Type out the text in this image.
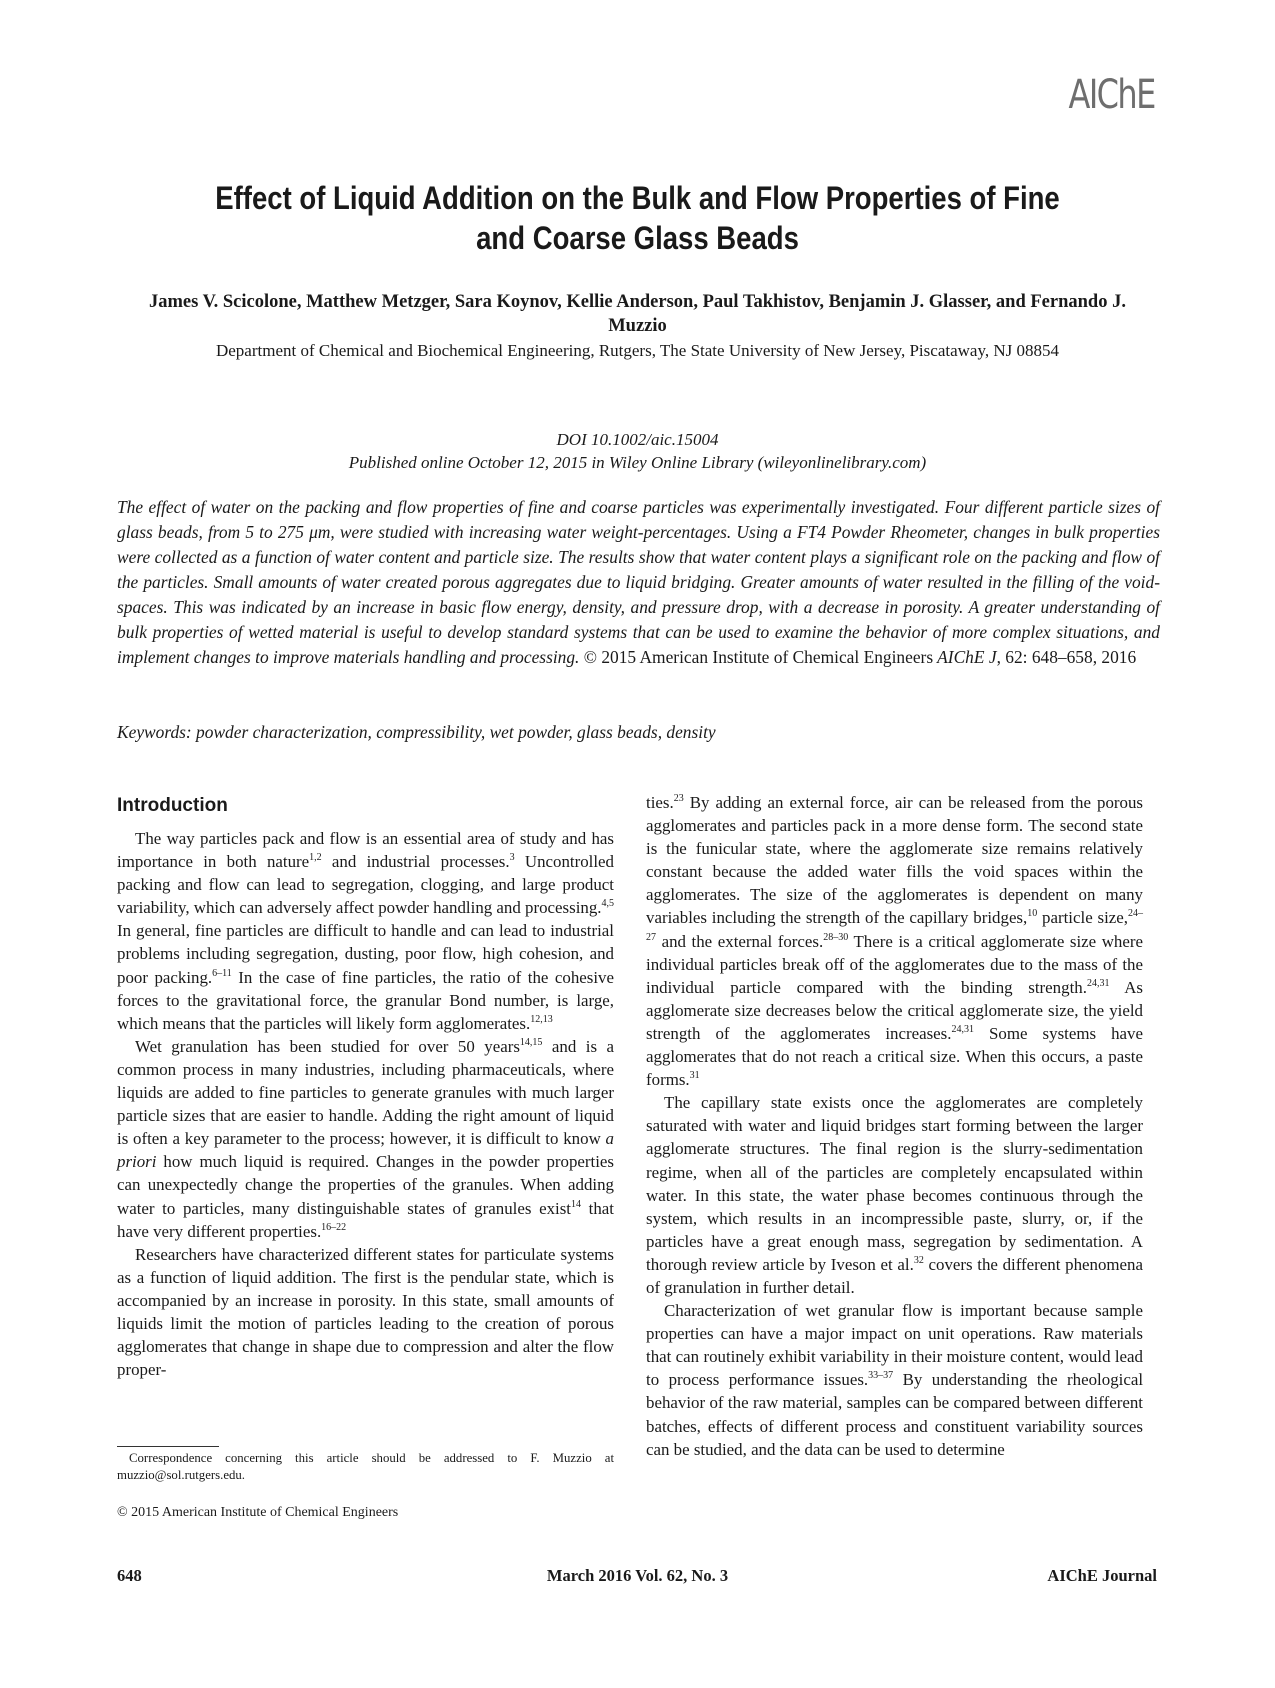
AIChE
Effect of Liquid Addition on the Bulk and Flow Properties of Fine and Coarse Glass Beads
James V. Scicolone, Matthew Metzger, Sara Koynov, Kellie Anderson, Paul Takhistov, Benjamin J. Glasser, and Fernando J. Muzzio
Department of Chemical and Biochemical Engineering, Rutgers, The State University of New Jersey, Piscataway, NJ 08854
DOI 10.1002/aic.15004
Published online October 12, 2015 in Wiley Online Library (wileyonlinelibrary.com)

The effect of water on the packing and flow properties of fine and coarse particles was experimentally investigated. Four different particle sizes of glass beads, from 5 to 275 μm, were studied with increasing water weight-percentages. Using a FT4 Powder Rheometer, changes in bulk properties were collected as a function of water content and particle size. The results show that water content plays a significant role on the packing and flow of the particles. Small amounts of water created porous aggregates due to liquid bridging. Greater amounts of water resulted in the filling of the void-spaces. This was indicated by an increase in basic flow energy, density, and pressure drop, with a decrease in porosity. A greater understanding of bulk properties of wetted material is useful to develop standard systems that can be used to examine the behavior of more complex situations, and implement changes to improve materials handling and processing. © 2015 American Institute of Chemical Engineers AIChE J, 62: 648–658, 2016

Keywords: powder characterization, compressibility, wet powder, glass beads, density
Introduction

The way particles pack and flow is an essential area of study and has importance in both nature$^{1,2}$ and industrial processes.$^3$ Uncontrolled packing and flow can lead to segregation, clogging, and large product variability, which can adversely affect powder handling and processing.$^{4,5}$ In general, fine particles are difficult to handle and can lead to industrial problems including segregation, dusting, poor flow, high cohesion, and poor packing.$^{6-11}$ In the case of fine particles, the ratio of the cohesive forces to the gravitational force, the granular Bond number, is large, which means that the particles will likely form agglomerates.$^{12,13}$

Wet granulation has been studied for over 50 years$^{14,15}$ and is a common process in many industries, including pharmaceuticals, where liquids are added to fine particles to generate granules with much larger particle sizes that are easier to handle. Adding the right amount of liquid is often a key parameter to the process; however, it is difficult to know a priori how much liquid is required. Changes in the powder properties can unexpectedly change the properties of the granules. When adding water to particles, many distinguishable states of granules exist$^{14}$ that have very different properties.$^{16-22}$

Researchers have characterized different states for particulate systems as a function of liquid addition. The first is the pendular state, which is accompanied by an increase in porosity. In this state, small amounts of liquids limit the motion of particles leading to the creation of porous agglomerates that change in shape due to compression and alter the flow proper-

ties.$^{23}$ By adding an external force, air can be released from the porous agglomerates and particles pack in a more dense form. The second state is the funicular state, where the agglomerate size remains relatively constant because the added water fills the void spaces within the agglomerates. The size of the agglomerates is dependent on many variables including the strength of the capillary bridges,$^{10}$ particle size,$^{24-27}$ and the external forces.$^{28-30}$ There is a critical agglomerate size where individual particles break off of the agglomerates due to the mass of the individual particle compared with the binding strength.$^{24,31}$ As agglomerate size decreases below the critical agglomerate size, the yield strength of the agglomerates increases.$^{24,31}$ Some systems have agglomerates that do not reach a critical size. When this occurs, a paste forms.$^{31}$

The capillary state exists once the agglomerates are completely saturated with water and liquid bridges start forming between the larger agglomerate structures. The final region is the slurry-sedimentation regime, when all of the particles are completely encapsulated within water. In this state, the water phase becomes continuous through the system, which results in an incompressible paste, slurry, or, if the particles have a great enough mass, segregation by sedimentation. A thorough review article by Iveson et al.$^{32}$ covers the different phenomena of granulation in further detail.

Characterization of wet granular flow is important because sample properties can have a major impact on unit operations. Raw materials that can routinely exhibit variability in their moisture content, would lead to process performance issues.$^{33-37}$ By understanding the rheological behavior of the raw material, samples can be compared between different batches, effects of different process and constituent variability sources can be studied, and the data can be used to determine

Correspondence concerning this article should be addressed to F. Muzzio at muzzio@sol.rutgers.edu.

© 2015 American Institute of Chemical Engineers
648	March 2016 Vol. 62, No. 3	AIChE Journal
